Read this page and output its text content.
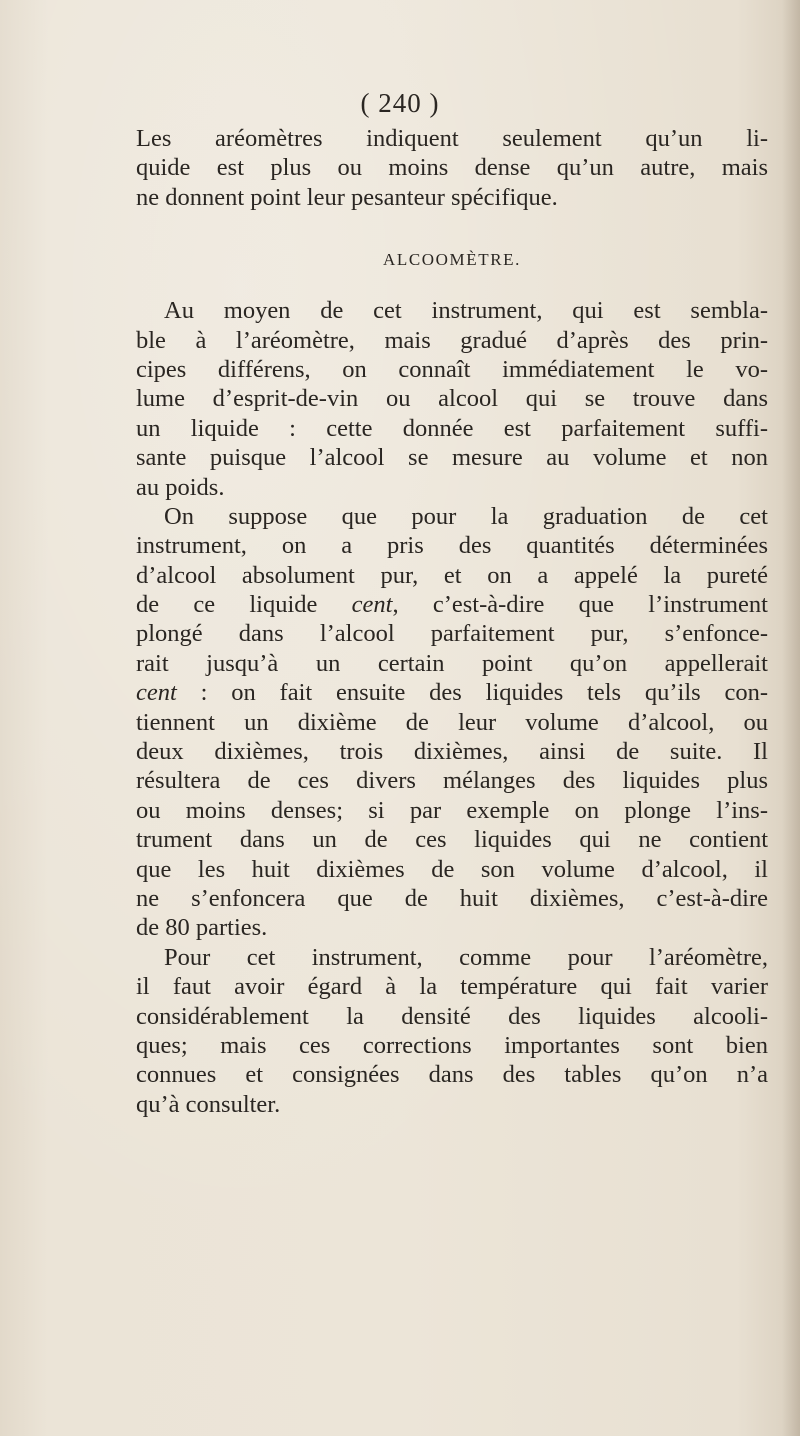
( 240 )

Les aréomètres indiquent seulement qu’un li-
quide est plus ou moins dense qu’un autre, mais
ne donnent point leur pesanteur spécifique.

ALCOOMÈTRE.

Au moyen de cet instrument, qui est sembla-
ble à l’aréomètre, mais gradué d’après des prin-
cipes différens, on connaît immédiatement le vo-
lume d’esprit-de-vin ou alcool qui se trouve dans
un liquide : cette donnée est parfaitement suffi-
sante puisque l’alcool se mesure au volume et non
au poids.

On suppose que pour la graduation de cet
instrument, on a pris des quantités déterminées
d’alcool absolument pur, et on a appelé la pureté
de ce liquide cent, c’est-à-dire que l’instrument
plongé dans l’alcool parfaitement pur, s’enfonce-
rait jusqu’à un certain point qu’on appellerait
cent : on fait ensuite des liquides tels qu’ils con-
tiennent un dixième de leur volume d’alcool, ou
deux dixièmes, trois dixièmes, ainsi de suite. Il
résultera de ces divers mélanges des liquides plus
ou moins denses; si par exemple on plonge l’ins-
trument dans un de ces liquides qui ne contient
que les huit dixièmes de son volume d’alcool, il
ne s’enfoncera que de huit dixièmes, c’est-à-dire
de 80 parties.

Pour cet instrument, comme pour l’aréomètre,
il faut avoir égard à la température qui fait varier
considérablement la densité des liquides alcooli-
ques; mais ces corrections importantes sont bien
connues et consignées dans des tables qu’on n’a
qu’à consulter.
